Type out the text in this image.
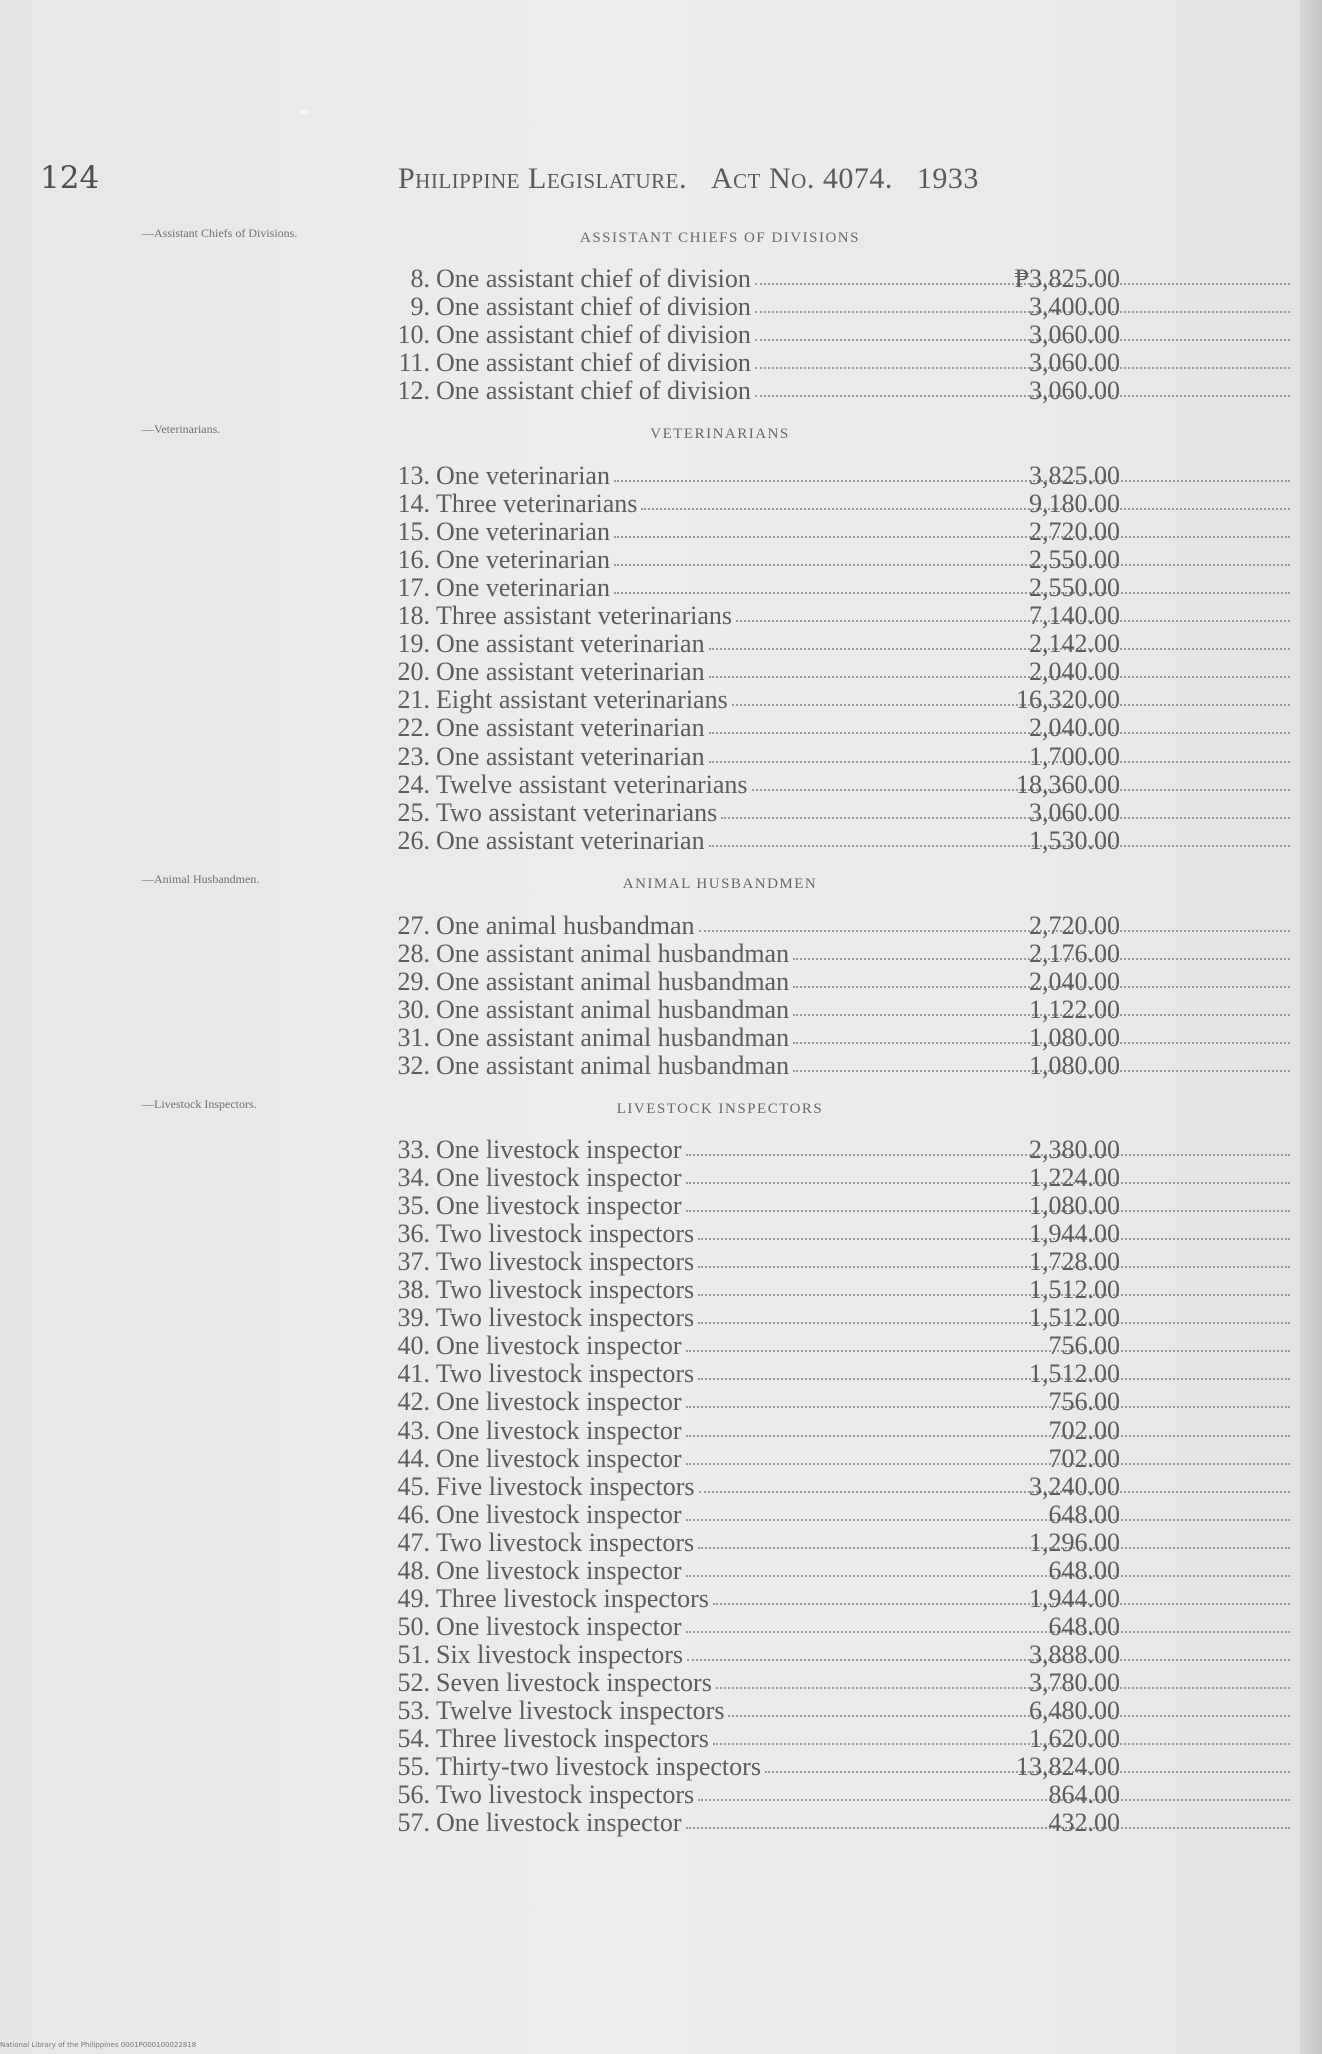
124	Philippine Legislature. Act No. 4074. 1933
—Assistant Chiefs of Divisions.	ASSISTANT CHIEFS OF DIVISIONS
8. One assistant chief of division	₱3,825.00
9. One assistant chief of division	3,400.00
10. One assistant chief of division	3,060.00
11. One assistant chief of division	3,060.00
12. One assistant chief of division	3,060.00
—Veterinarians.	VETERINARIANS
13. One veterinarian	3,825.00
14. Three veterinarians	9,180.00
15. One veterinarian	2,720.00
16. One veterinarian	2,550.00
17. One veterinarian	2,550.00
18. Three assistant veterinarians	7,140.00
19. One assistant veterinarian	2,142.00
20. One assistant veterinarian	2,040.00
21. Eight assistant veterinarians	16,320.00
22. One assistant veterinarian	2,040.00
23. One assistant veterinarian	1,700.00
24. Twelve assistant veterinarians	18,360.00
25. Two assistant veterinarians	3,060.00
26. One assistant veterinarian	1,530.00
—Animal Husbandmen.	ANIMAL HUSBANDMEN
27. One animal husbandman	2,720.00
28. One assistant animal husbandman	2,176.00
29. One assistant animal husbandman	2,040.00
30. One assistant animal husbandman	1,122.00
31. One assistant animal husbandman	1,080.00
32. One assistant animal husbandman	1,080.00
—Livestock Inspectors.	LIVESTOCK INSPECTORS
33. One livestock inspector	2,380.00
34. One livestock inspector	1,224.00
35. One livestock inspector	1,080.00
36. Two livestock inspectors	1,944.00
37. Two livestock inspectors	1,728.00
38. Two livestock inspectors	1,512.00
39. Two livestock inspectors	1,512.00
40. One livestock inspector	756.00
41. Two livestock inspectors	1,512.00
42. One livestock inspector	756.00
43. One livestock inspector	702.00
44. One livestock inspector	702.00
45. Five livestock inspectors	3,240.00
46. One livestock inspector	648.00
47. Two livestock inspectors	1,296.00
48. One livestock inspector	648.00
49. Three livestock inspectors	1,944.00
50. One livestock inspector	648.00
51. Six livestock inspectors	3,888.00
52. Seven livestock inspectors	3,780.00
53. Twelve livestock inspectors	6,480.00
54. Three livestock inspectors	1,620.00
55. Thirty-two livestock inspectors	13,824.00
56. Two livestock inspectors	864.00
57. One livestock inspector	432.00
National Library of the Philippines 0001P000100022818
